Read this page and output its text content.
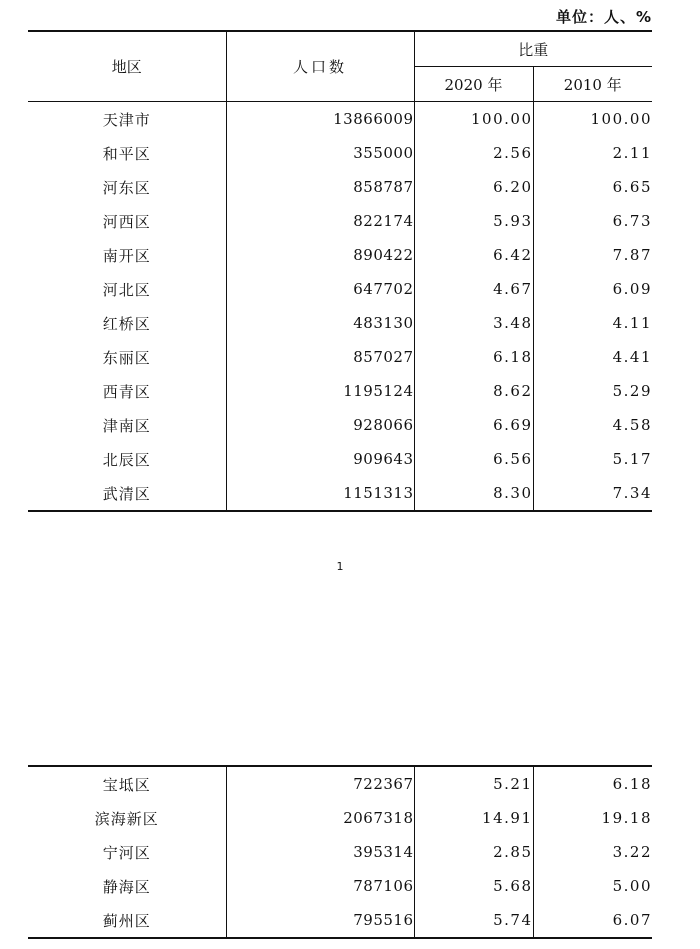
单位：人、%
地区	人口数	比重	
		2020 年	2010 年
天津市	13866009	100.00	100.00
和平区	355000	2.56	2.11
河东区	858787	6.20	6.65
河西区	822174	5.93	6.73
南开区	890422	6.42	7.87
河北区	647702	4.67	6.09
红桥区	483130	3.48	4.11
东丽区	857027	6.18	4.41
西青区	1195124	8.62	5.29
津南区	928066	6.69	4.58
北辰区	909643	6.56	5.17
武清区	1151313	8.30	7.34
1
宝坻区	722367	5.21	6.18
滨海新区	2067318	14.91	19.18
宁河区	395314	2.85	3.22
静海区	787106	5.68	5.00
蓟州区	795516	5.74	6.07
